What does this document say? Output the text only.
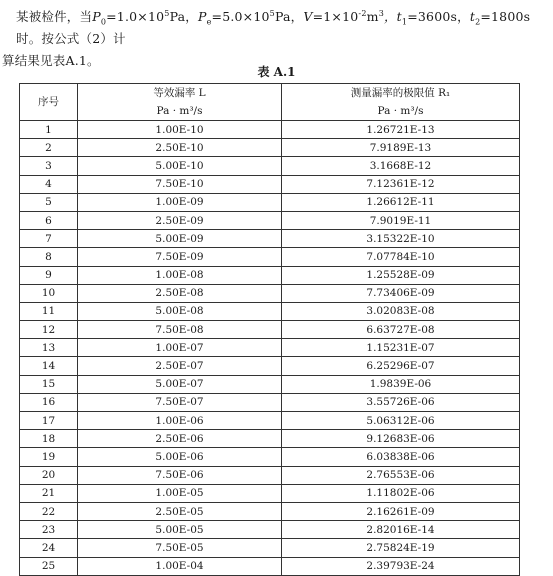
某被检件，当$P_0=1.0\times 10^5Pa$，$P_e=5.0\times 10^5Pa$，$V=1\times 10^{-2}m^3$，$t_1=3600s$，$t_2=1800s$时。按公式（2）计
算结果见表A.1。
表 A.1
序号	等效漏率 L	测量漏率的极限值 R₁
	Pa · m³/s	Pa · m³/s
1	1.00E-10	1.26721E-13
2	2.50E-10	7.9189E-13
3	5.00E-10	3.1668E-12
4	7.50E-10	7.12361E-12
5	1.00E-09	1.26612E-11
6	2.50E-09	7.9019E-11
7	5.00E-09	3.15322E-10
8	7.50E-09	7.07784E-10
9	1.00E-08	1.25528E-09
10	2.50E-08	7.73406E-09
11	5.00E-08	3.02083E-08
12	7.50E-08	6.63727E-08
13	1.00E-07	1.15231E-07
14	2.50E-07	6.25296E-07
15	5.00E-07	1.9839E-06
16	7.50E-07	3.55726E-06
17	1.00E-06	5.06312E-06
18	2.50E-06	9.12683E-06
19	5.00E-06	6.03838E-06
20	7.50E-06	2.76553E-06
21	1.00E-05	1.11802E-06
22	2.50E-05	2.16261E-09
23	5.00E-05	2.82016E-14
24	7.50E-05	2.75824E-19
25	1.00E-04	2.39793E-24
